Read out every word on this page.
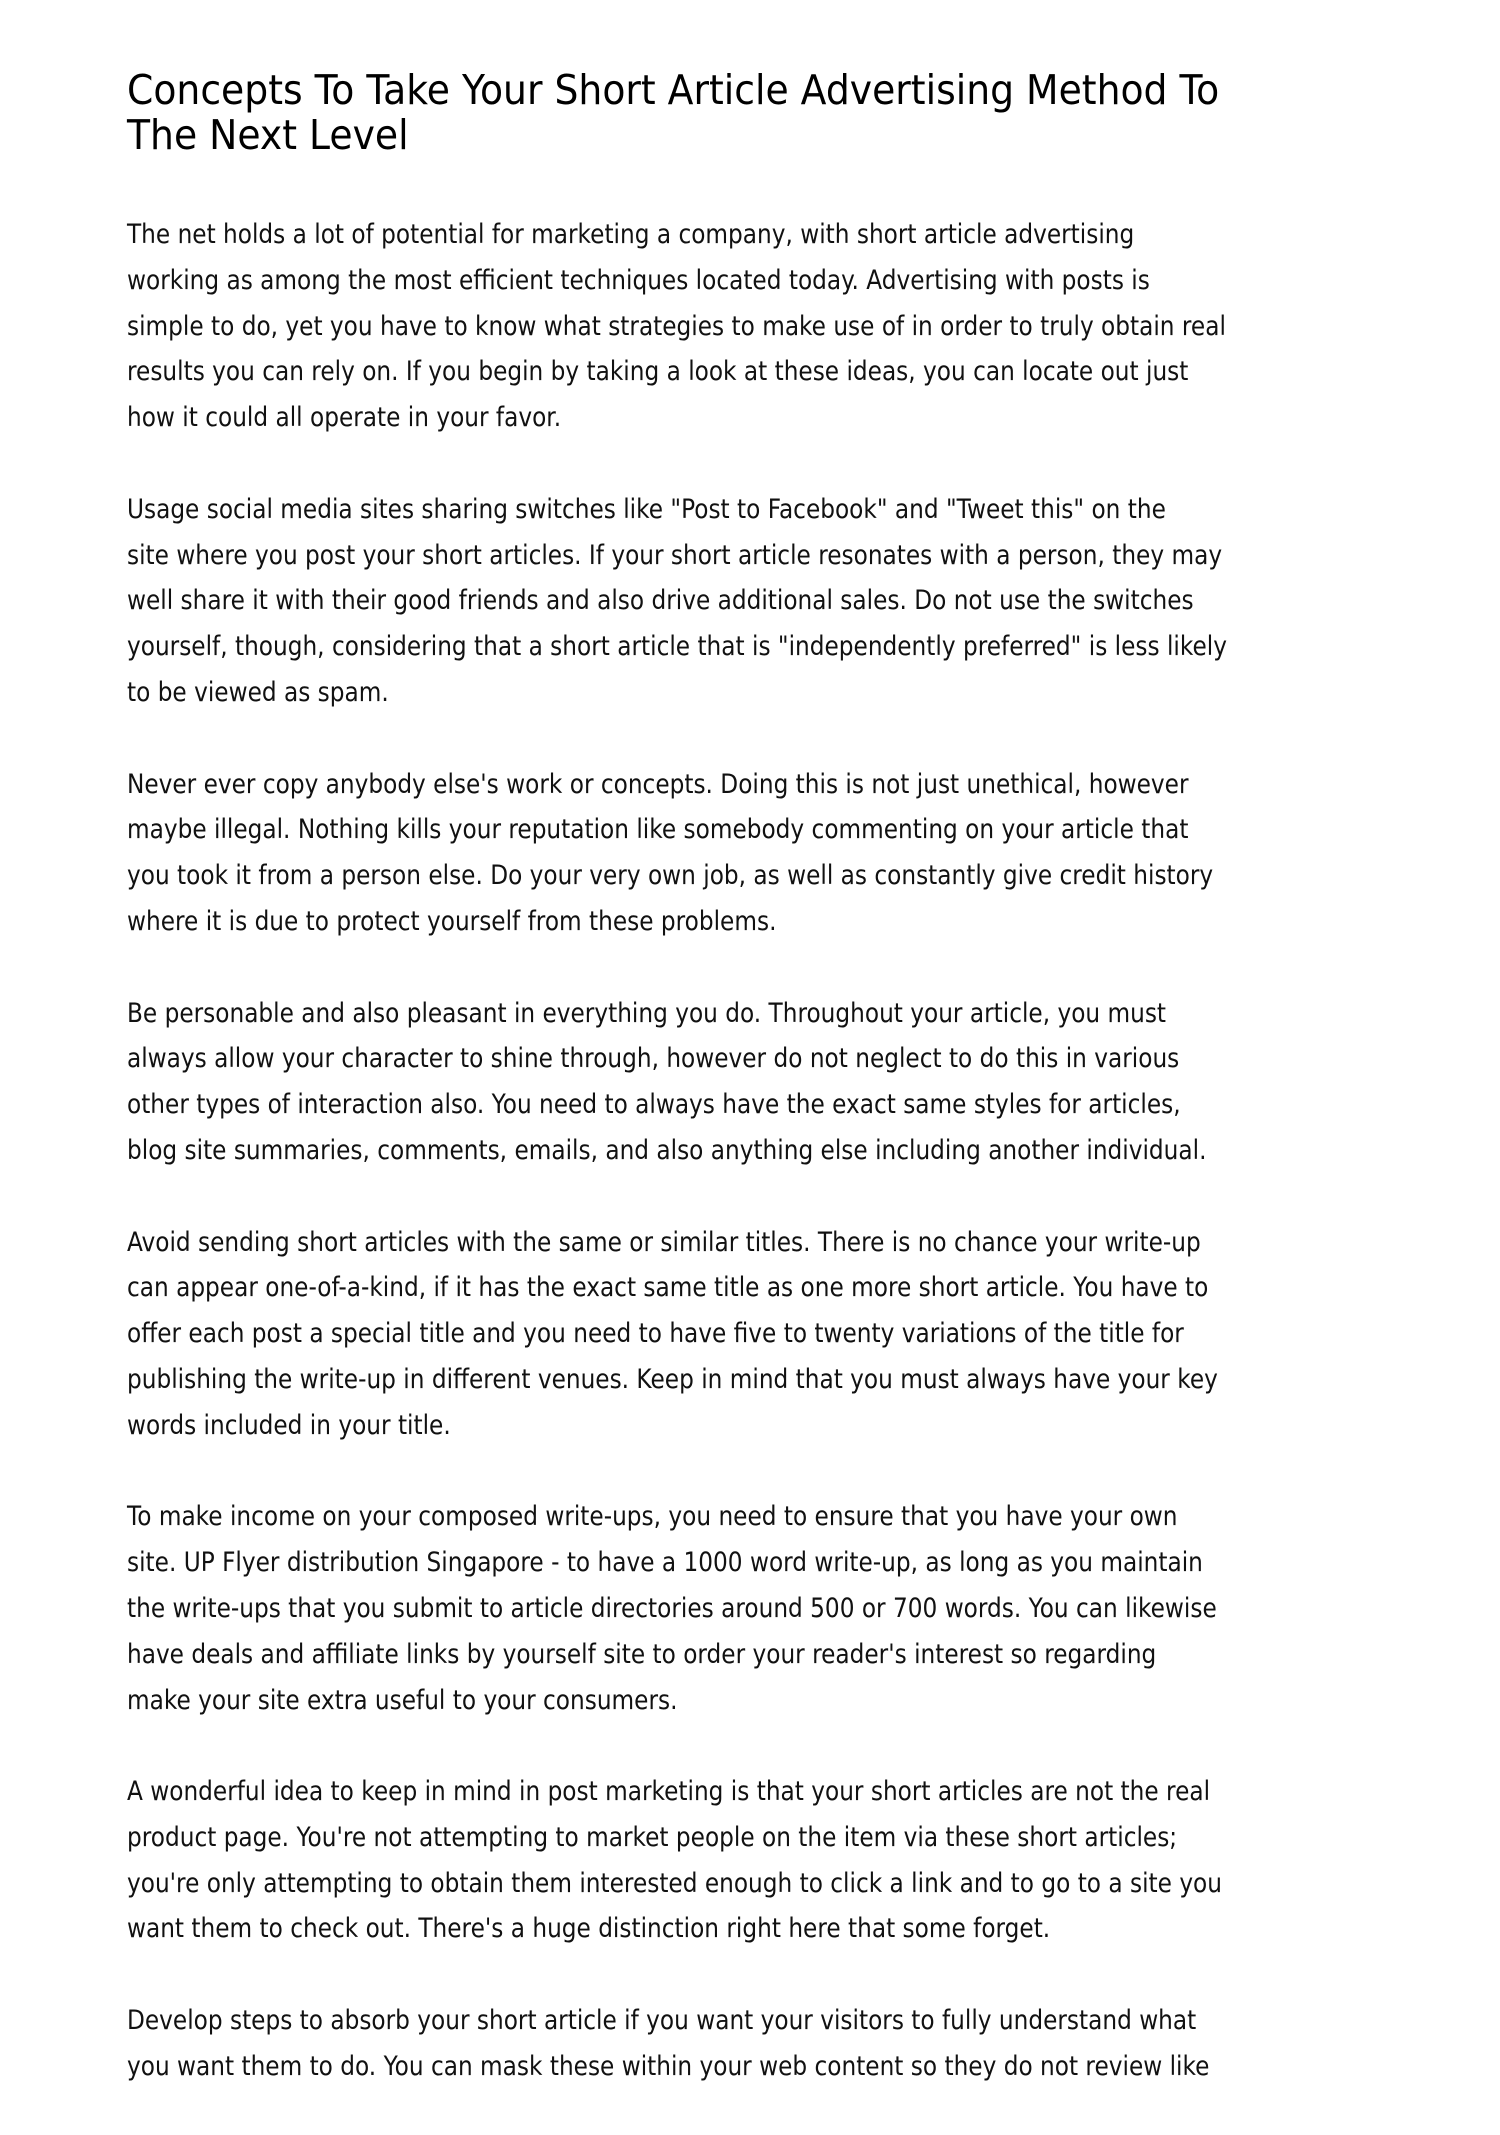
Concepts To Take Your Short Article Advertising Method To
The Next Level

The net holds a lot of potential for marketing a company, with short article advertising
working as among the most efficient techniques located today. Advertising with posts is
simple to do, yet you have to know what strategies to make use of in order to truly obtain real
results you can rely on. If you begin by taking a look at these ideas, you can locate out just
how it could all operate in your favor.

Usage social media sites sharing switches like "Post to Facebook" and "Tweet this" on the
site where you post your short articles. If your short article resonates with a person, they may
well share it with their good friends and also drive additional sales. Do not use the switches
yourself, though, considering that a short article that is "independently preferred" is less likely
to be viewed as spam.

Never ever copy anybody else's work or concepts. Doing this is not just unethical, however
maybe illegal. Nothing kills your reputation like somebody commenting on your article that
you took it from a person else. Do your very own job, as well as constantly give credit history
where it is due to protect yourself from these problems.

Be personable and also pleasant in everything you do. Throughout your article, you must
always allow your character to shine through, however do not neglect to do this in various
other types of interaction also. You need to always have the exact same styles for articles,
blog site summaries, comments, emails, and also anything else including another individual.

Avoid sending short articles with the same or similar titles. There is no chance your write-up
can appear one-of-a-kind, if it has the exact same title as one more short article. You have to
offer each post a special title and you need to have five to twenty variations of the title for
publishing the write-up in different venues. Keep in mind that you must always have your key
words included in your title.

To make income on your composed write-ups, you need to ensure that you have your own
site. UP Flyer distribution Singapore - to have a 1000 word write-up, as long as you maintain
the write-ups that you submit to article directories around 500 or 700 words. You can likewise
have deals and affiliate links by yourself site to order your reader's interest so regarding
make your site extra useful to your consumers.

A wonderful idea to keep in mind in post marketing is that your short articles are not the real
product page. You're not attempting to market people on the item via these short articles;
you're only attempting to obtain them interested enough to click a link and to go to a site you
want them to check out. There's a huge distinction right here that some forget.

Develop steps to absorb your short article if you want your visitors to fully understand what
you want them to do. You can mask these within your web content so they do not review like
